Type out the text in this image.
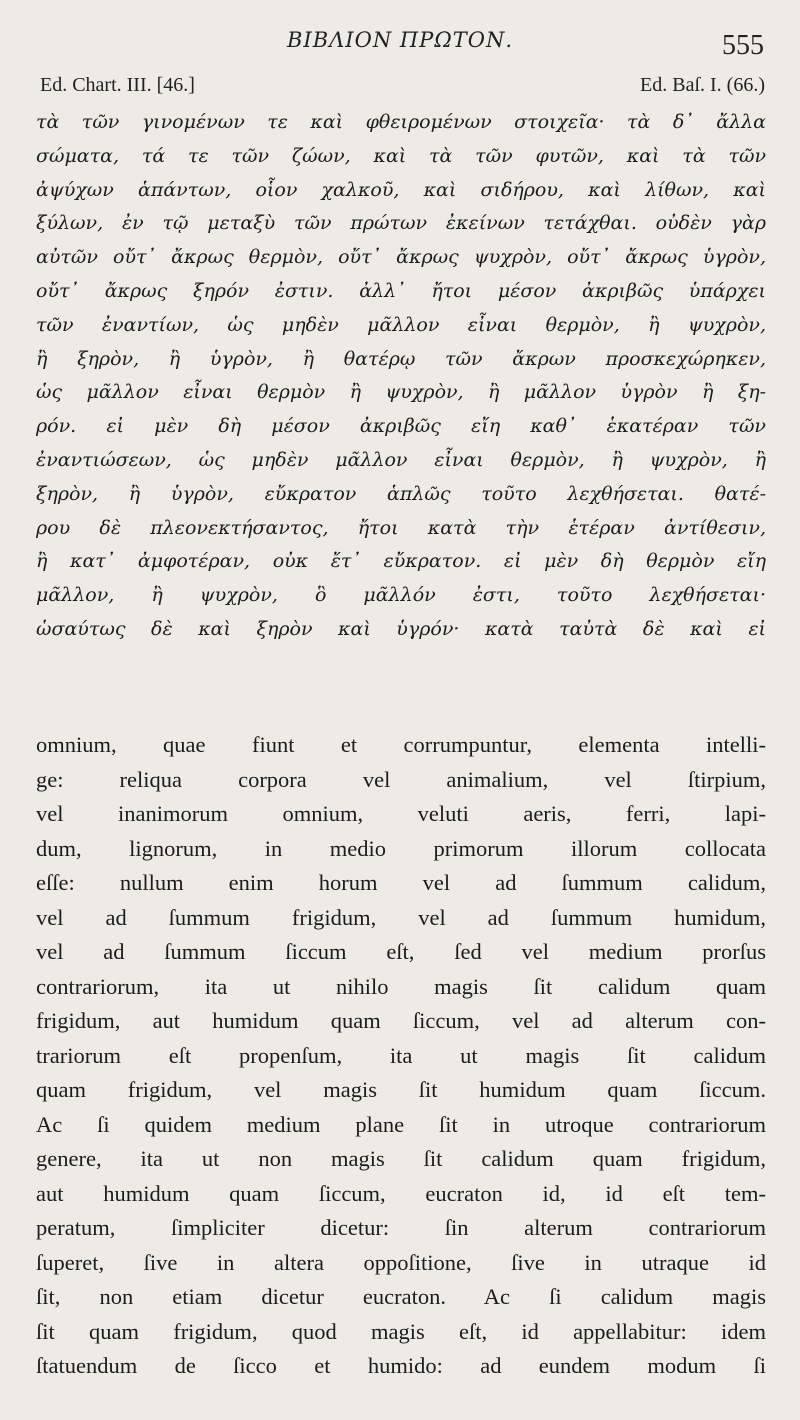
ΒΙΒΛΙΟΝ ΠΡΩΤΟΝ.	555
Ed. Chart. III. [46.]	Ed. Baſ. I. (66.)
τὰ τῶν γινομένων τε καὶ φθειρομένων στοιχεῖα· τὰ δ᾽ ἄλλα
σώματα, τά τε τῶν ζώων, καὶ τὰ τῶν φυτῶν, καὶ τὰ τῶν
ἀψύχων ἁπάντων, οἷον χαλκοῦ, καὶ σιδήρου, καὶ λίθων, καὶ
ξύλων, ἐν τῷ μεταξὺ τῶν πρώτων ἐκείνων τετάχθαι. οὐδὲν γὰρ
αὐτῶν οὔτ᾽ ἄκρως θερμὸν, οὔτ᾽ ἄκρως ψυχρὸν, οὔτ᾽ ἄκρως ὑγρὸν,
οὔτ᾽ ἄκρως ξηρόν ἐστιν. ἀλλ᾽ ἤτοι μέσον ἀκριβῶς ὑπάρχει
τῶν ἐναντίων, ὡς μηδὲν μᾶλλον εἶναι θερμὸν, ἢ ψυχρὸν,
ἢ ξηρὸν, ἢ ὑγρὸν, ἢ θατέρῳ τῶν ἄκρων προσκεχώρηκεν,
ὡς μᾶλλον εἶναι θερμὸν ἢ ψυχρὸν, ἢ μᾶλλον ὑγρὸν ἢ ξη-
ρόν. εἰ μὲν δὴ μέσον ἀκριβῶς εἴη καθ᾽ ἑκατέραν τῶν
ἐναντιώσεων, ὡς μηδὲν μᾶλλον εἶναι θερμὸν, ἢ ψυχρὸν, ἢ
ξηρὸν, ἢ ὑγρὸν, εὔκρατον ἁπλῶς τοῦτο λεχθήσεται. θατέ-
ρου δὲ πλεονεκτήσαντος, ἤτοι κατὰ τὴν ἑτέραν ἀντίθεσιν,
ἢ κατ᾽ ἀμφοτέραν, οὐκ ἔτ᾽ εὔκρατον. εἰ μὲν δὴ θερμὸν εἴη
μᾶλλον, ἢ ψυχρὸν, ὃ μᾶλλόν ἐστι, τοῦτο λεχθήσεται·
ὡσαύτως δὲ καὶ ξηρὸν καὶ ὑγρόν· κατὰ ταὐτὰ δὲ καὶ εἰ
omnium, quae fiunt et corrumpuntur, elementa intelli-
ge: reliqua corpora vel animalium, vel ſtirpium,
vel inanimorum omnium, veluti aeris, ferri, lapi-
dum, lignorum, in medio primorum illorum collocata
eſſe: nullum enim horum vel ad ſummum calidum,
vel ad ſummum frigidum, vel ad ſummum humidum,
vel ad ſummum ſiccum eſt, ſed vel medium prorſus
contrariorum, ita ut nihilo magis ſit calidum quam
frigidum, aut humidum quam ſiccum, vel ad alterum con-
trariorum eſt propenſum, ita ut magis ſit calidum
quam frigidum, vel magis ſit humidum quam ſiccum.
Ac ſi quidem medium plane ſit in utroque contrariorum
genere, ita ut non magis ſit calidum quam frigidum,
aut humidum quam ſiccum, eucraton id, id eſt tem-
peratum, ſimpliciter dicetur: ſin alterum contrariorum
ſuperet, ſive in altera oppoſitione, ſive in utraque id
ſit, non etiam dicetur eucraton. Ac ſi calidum magis
ſit quam frigidum, quod magis eſt, id appellabitur: idem
ſtatuendum de ſicco et humido: ad eundem modum ſi
